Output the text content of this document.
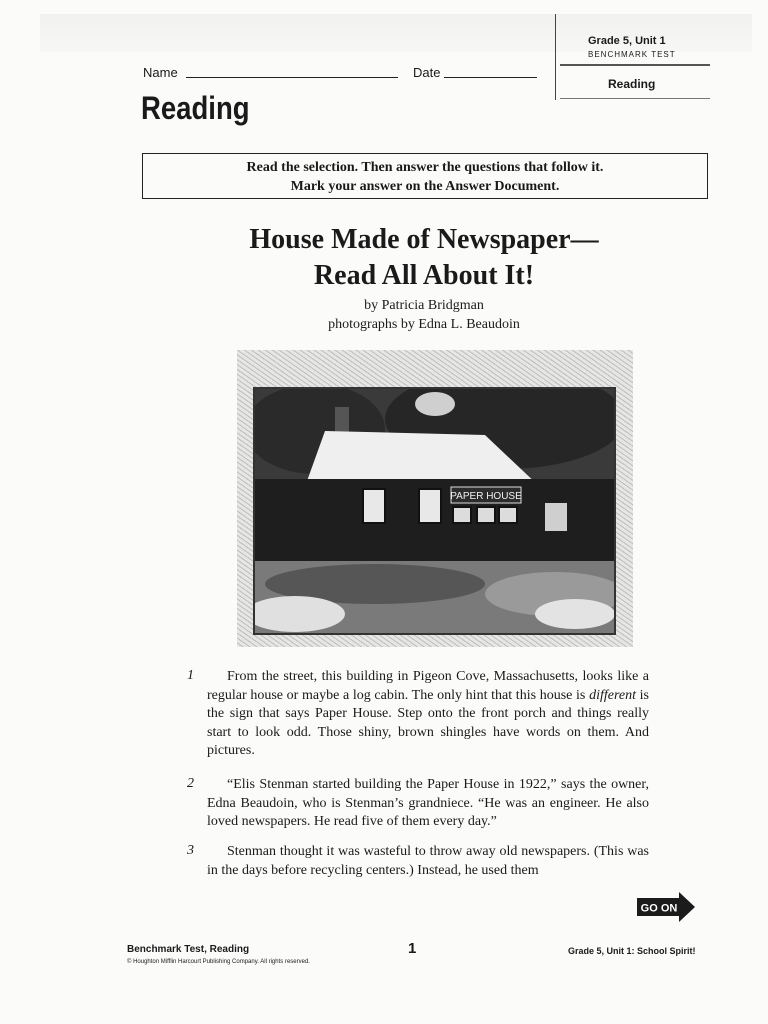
Grade 5, Unit 1
BENCHMARK TEST
Reading
Name	Date
Reading
Read the selection. Then answer the questions that follow it.
Mark your answer on the Answer Document.
House Made of Newspaper—
Read All About It!
by Patricia Bridgman
photographs by Edna L. Beaudoin
PAPER HOUSE
1	From the street, this building in Pigeon Cove, Massachusetts, looks like a regular house or maybe a log cabin. The only hint that this house is different is the sign that says Paper House. Step onto the front porch and things really start to look odd. Those shiny, brown shingles have words on them. And pictures.
2	“Elis Stenman started building the Paper House in 1922,” says the owner, Edna Beaudoin, who is Stenman’s grandniece. “He was an engineer. He also loved newspapers. He read five of them every day.”
3	Stenman thought it was wasteful to throw away old newspapers. (This was in the days before recycling centers.) Instead, he used them
GO ON
Benchmark Test, Reading
© Houghton Mifflin Harcourt Publishing Company. All rights reserved.
1	Grade 5, Unit 1: School Spirit!
